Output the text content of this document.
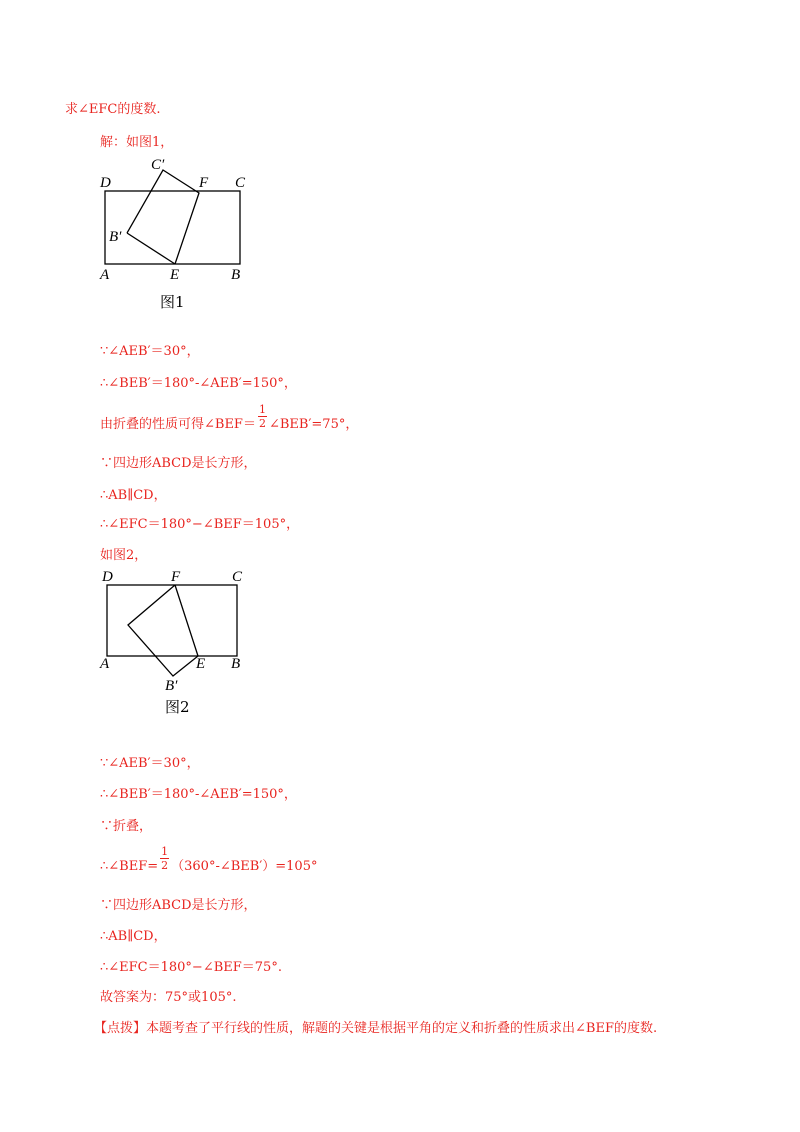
求∠EFC的度数.
解：如图1，
C′
D	F C
B′
A	E	B
图1
∵∠AEB′＝30°，
∴∠BEB′＝180°-∠AEB′=150°，
由折叠的性质可得∠BEF＝ $\frac{1}{2}$ ∠BEB′=75°，
∵四边形ABCD是长方形，
∴AB∥CD，
∴∠EFC＝180°−∠BEF＝105°，
如图2，
D	F	C
A	E B
B′
图2
∵∠AEB′＝30°，
∴∠BEB′＝180°-∠AEB′=150°，
∵折叠，
∴∠BEF= $\frac{1}{2}$ （360°-∠BEB′）=105°
∵四边形ABCD是长方形，
∴AB∥CD，
∴∠EFC＝180°−∠BEF＝75°.
故答案为：75°或105°.
【点拨】本题考查了平行线的性质，解题的关键是根据平角的定义和折叠的性质求出∠BEF的度数.
